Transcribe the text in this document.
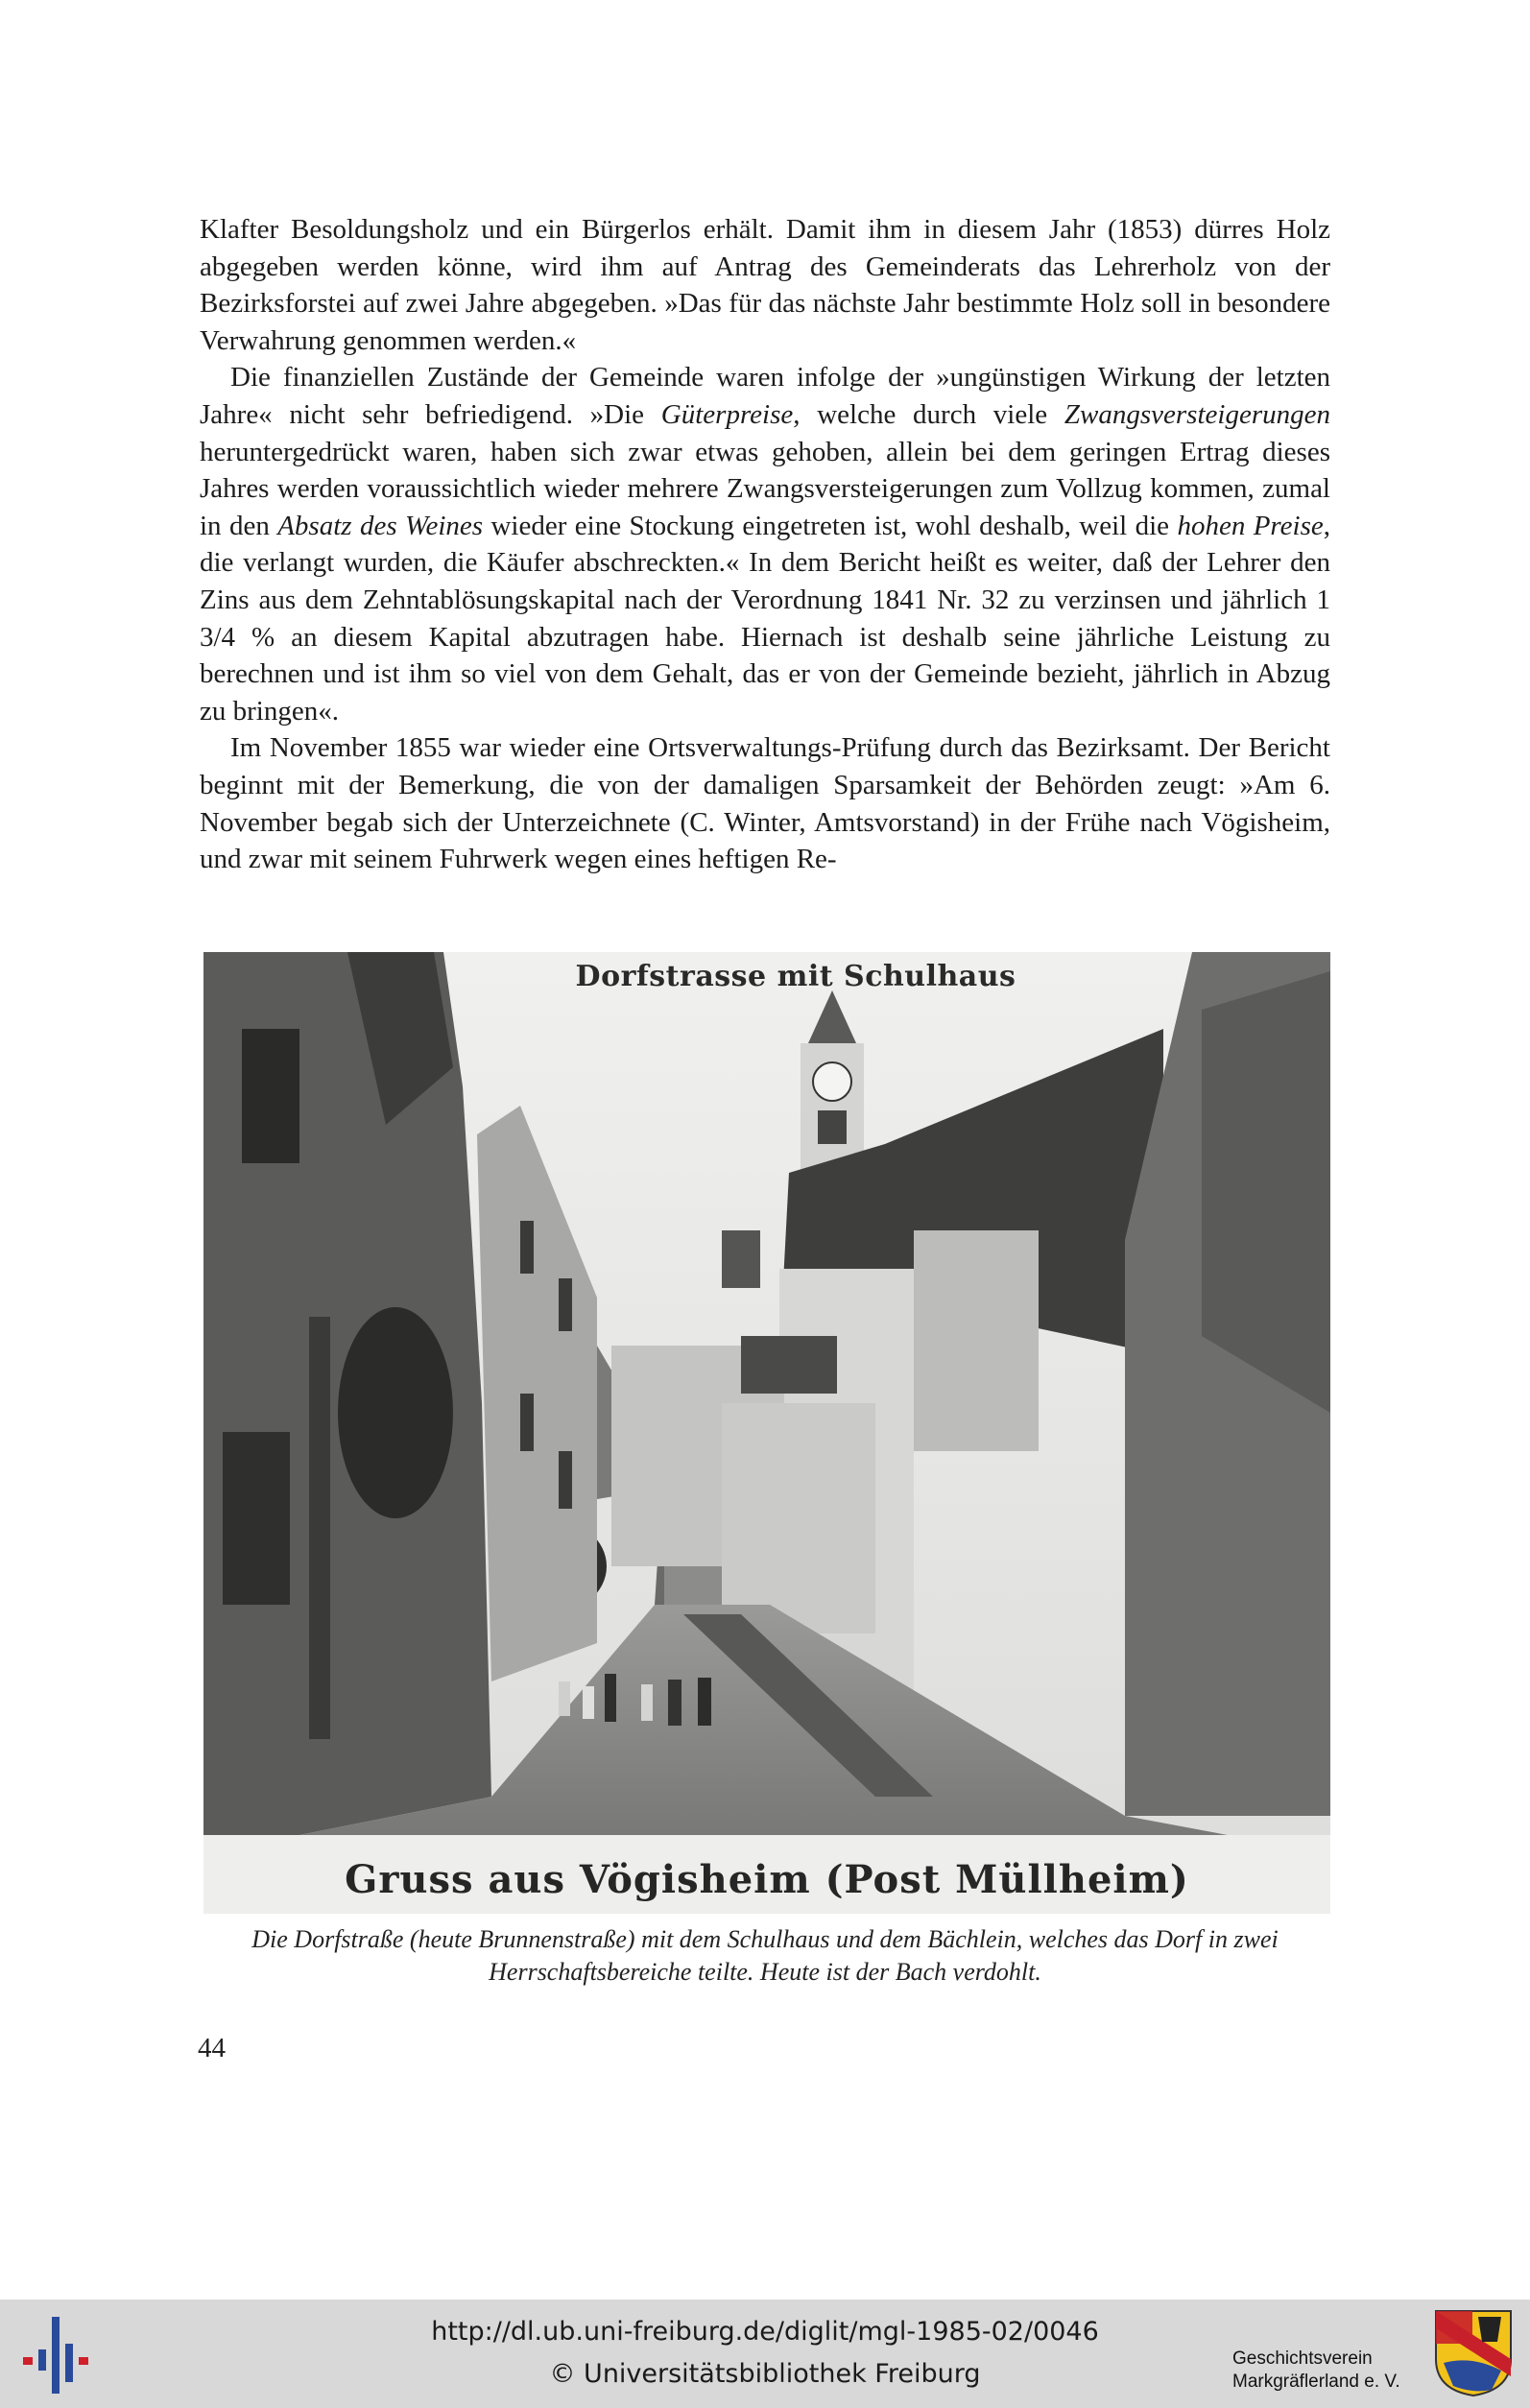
Klafter Besoldungsholz und ein Bürgerlos erhält. Damit ihm in diesem Jahr (1853) dürres Holz abgegeben werden könne, wird ihm auf Antrag des Gemeinderats das Lehrerholz von der Bezirksforstei auf zwei Jahre abgegeben. »Das für das nächste Jahr bestimmte Holz soll in besondere Verwahrung genommen werden.«

Die finanziellen Zustände der Gemeinde waren infolge der »ungünstigen Wirkung der letzten Jahre« nicht sehr befriedigend. »Die Güterpreise, welche durch viele Zwangsversteigerungen heruntergedrückt waren, haben sich zwar etwas gehoben, allein bei dem geringen Ertrag dieses Jahres werden voraussichtlich wieder mehrere Zwangsversteigerungen zum Vollzug kommen, zumal in den Absatz des Weines wieder eine Stockung eingetreten ist, wohl deshalb, weil die hohen Preise, die verlangt wurden, die Käufer abschreckten.« In dem Bericht heißt es weiter, daß der Lehrer den Zins aus dem Zehntablösungskapital nach der Verordnung 1841 Nr. 32 zu verzinsen und jährlich 1 3/4 % an diesem Kapital abzutragen habe. Hiernach ist deshalb seine jährliche Leistung zu berechnen und ist ihm so viel von dem Gehalt, das er von der Gemeinde bezieht, jährlich in Abzug zu bringen«.

Im November 1855 war wieder eine Ortsverwaltungs-Prüfung durch das Bezirksamt. Der Bericht beginnt mit der Bemerkung, die von der damaligen Sparsamkeit der Behörden zeugt: »Am 6. November begab sich der Unterzeichnete (C. Winter, Amtsvorstand) in der Frühe nach Vögisheim, und zwar mit seinem Fuhrwerk wegen eines heftigen Re-

Dorfstrasse mit Schulhaus
Gruss aus Vögisheim (Post Müllheim)
Die Dorfstraße (heute Brunnenstraße) mit dem Schulhaus und dem Bächlein, welches das Dorf in zwei Herrschaftsbereiche teilte. Heute ist der Bach verdohlt.
44
http://dl.ub.uni-freiburg.de/diglit/mgl-1985-02/0046
© Universitätsbibliothek Freiburg
Geschichtsverein
Markgräflerland e. V.
